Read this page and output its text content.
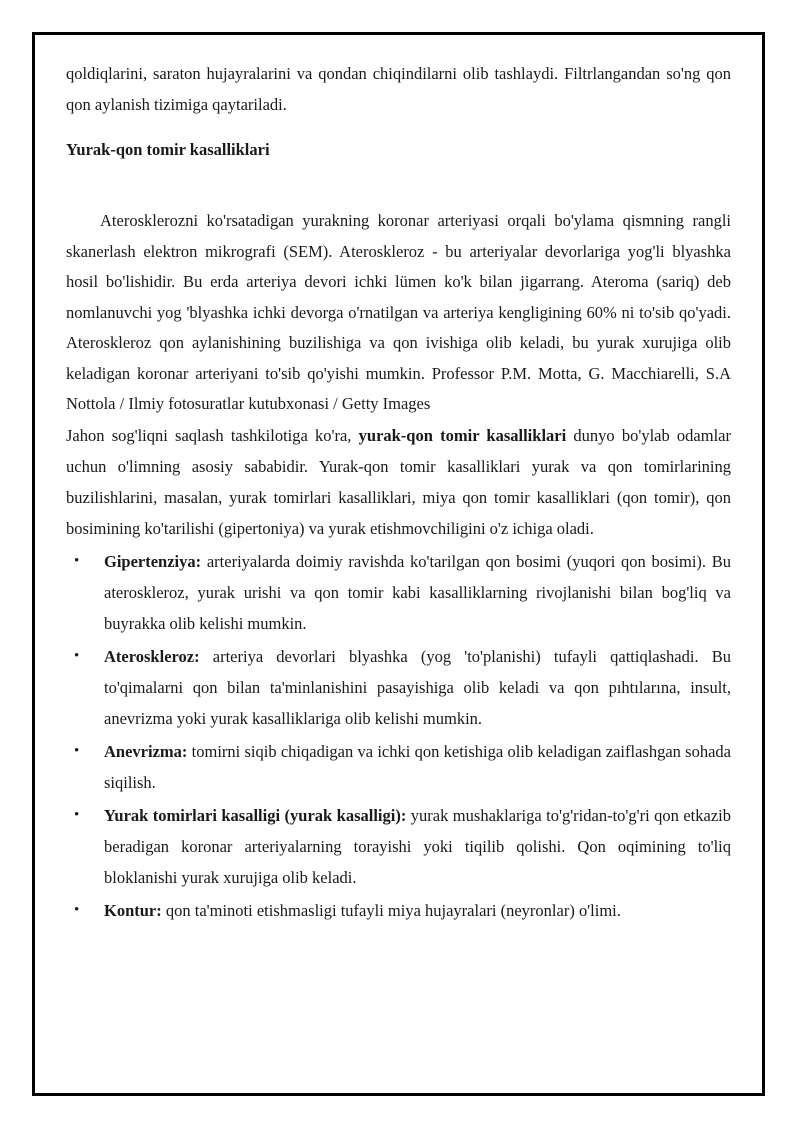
qoldiqlarini, saraton hujayralarini va qondan chiqindilarni olib tashlaydi. Filtrlangandan so'ng qon qon aylanish tizimiga qaytariladi.

Yurak-qon tomir kasalliklari

Aterosklerozni ko'rsatadigan yurakning koronar arteriyasi orqali bo'ylama qismning rangli skanerlash elektron mikrografi (SEM). Ateroskleroz - bu arteriyalar devorlariga yog'li blyashka hosil bo'lishidir. Bu erda arteriya devori ichki lümen ko'k bilan jigarrang. Ateroma (sariq) deb nomlanuvchi yog 'blyashka ichki devorga o'rnatilgan va arteriya kengligining 60% ni to'sib qo'yadi. Ateroskleroz qon aylanishining buzilishiga va qon ivishiga olib keladi, bu yurak xurujiga olib keladigan koronar arteriyani to'sib qo'yishi mumkin. Professor P.M. Motta, G. Macchiarelli, S.A Nottola / Ilmiy fotosuratlar kutubxonasi / Getty Images

Jahon sog'liqni saqlash tashkilotiga ko'ra, yurak-qon tomir kasalliklari dunyo bo'ylab odamlar uchun o'limning asosiy sababidir. Yurak-qon tomir kasalliklari yurak va qon tomirlarining buzilishlarini, masalan, yurak tomirlari kasalliklari, miya qon tomir kasalliklari (qon tomir), qon bosimining ko'tarilishi (gipertoniya) va yurak etishmovchiligini o'z ichiga oladi.

• Gipertenziya: arteriyalarda doimiy ravishda ko'tarilgan qon bosimi (yuqori qon bosimi). Bu ateroskleroz, yurak urishi va qon tomir kabi kasalliklarning rivojlanishi bilan bog'liq va buyrakka olib kelishi mumkin.
• Ateroskleroz: arteriya devorlari blyashka (yog 'to'planishi) tufayli qattiqlashadi. Bu to'qimalarni qon bilan ta'minlanishini pasayishiga olib keladi va qon pıhtılarına, insult, anevrizma yoki yurak kasalliklariga olib kelishi mumkin.
• Anevrizma: tomirni siqib chiqadigan va ichki qon ketishiga olib keladigan zaiflashgan sohada siqilish.
• Yurak tomirlari kasalligi (yurak kasalligi): yurak mushaklariga to'g'ridan-to'g'ri qon etkazib beradigan koronar arteriyalarning torayishi yoki tiqilib qolishi. Qon oqimining to'liq bloklanishi yurak xurujiga olib keladi.
• Kontur: qon ta'minoti etishmasligi tufayli miya hujayralari (neyronlar) o'limi.
